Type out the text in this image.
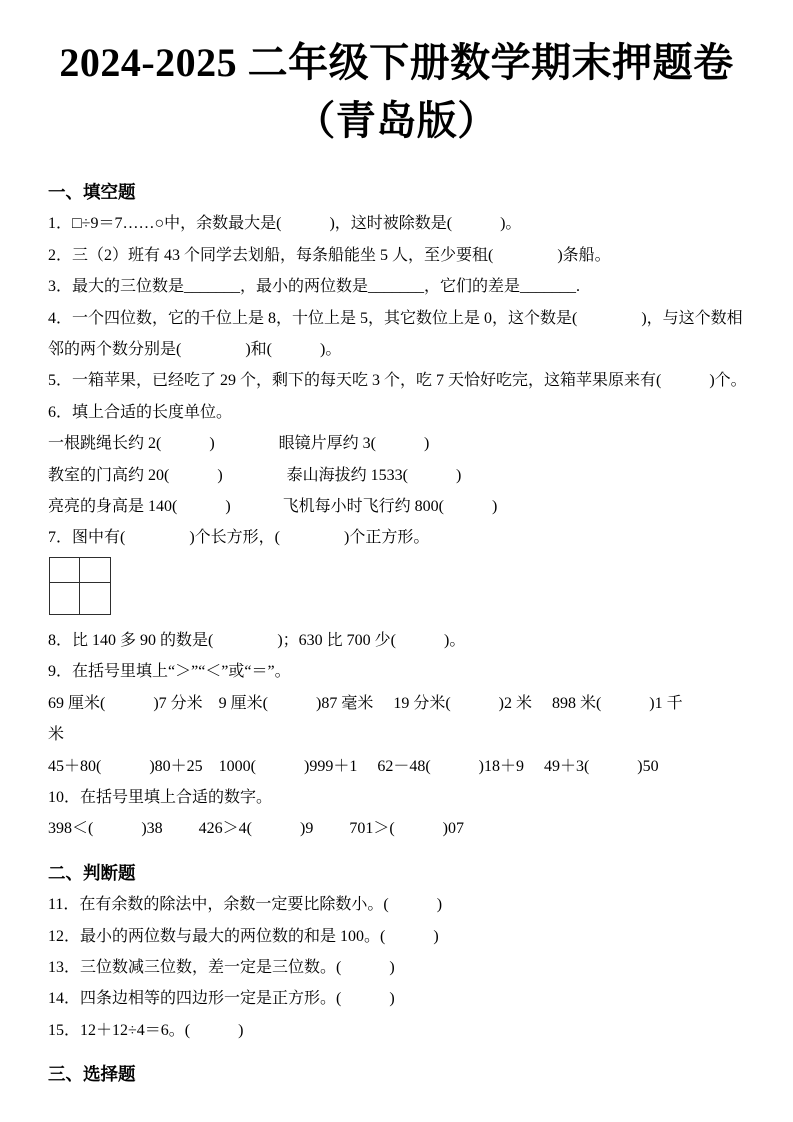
2024-2025 二年级下册数学期末押题卷
（青岛版）
一、填空题

1．□÷9＝7……○中，余数最大是(　　　)，这时被除数是(　　　)。

2．三（2）班有 43 个同学去划船，每条船能坐 5 人，至少要租(　　　　)条船。

3．最大的三位数是_______，最小的两位数是_______，它们的差是_______.

4．一个四位数，它的千位上是 8，十位上是 5，其它数位上是 0，这个数是(　　　　)，与这个数相

邻的两个数分别是(　　　　)和(　　　)。

5．一箱苹果，已经吃了 29 个，剩下的每天吃 3 个，吃 7 天恰好吃完，这箱苹果原来有(　　　)个。

6．填上合适的长度单位。

一根跳绳长约 2(　　　)　　　　眼镜片厚约 3(　　　)

教室的门高约 20(　　　)　　　　泰山海拔约 1533(　　　)

亮亮的身高是 140(　　　)　　　 飞机每小时飞行约 800(　　　)

7．图中有(　　　　)个长方形，(　　　　)个正方形。

8．比 140 多 90 的数是(　　　　)；630 比 700 少(　　　)。

9．在括号里填上“＞”“＜”或“＝”。

69 厘米(　　　)7 分米　9 厘米(　　　)87 毫米　 19 分米(　　　)2 米　 898 米(　　　)1 千

米

45＋80(　　　)80＋25　1000(　　　)999＋1　 62－48(　　　)18＋9　 49＋3(　　　)50

10．在括号里填上合适的数字。

398＜(　　　)38　　 426＞4(　　　)9　　 701＞(　　　)07

二、判断题

11．在有余数的除法中，余数一定要比除数小。(　　　)

12．最小的两位数与最大的两位数的和是 100。(　　　)

13．三位数减三位数，差一定是三位数。(　　　)

14．四条边相等的四边形一定是正方形。(　　　)

15．12＋12÷4＝6。(　　　)

三、选择题
